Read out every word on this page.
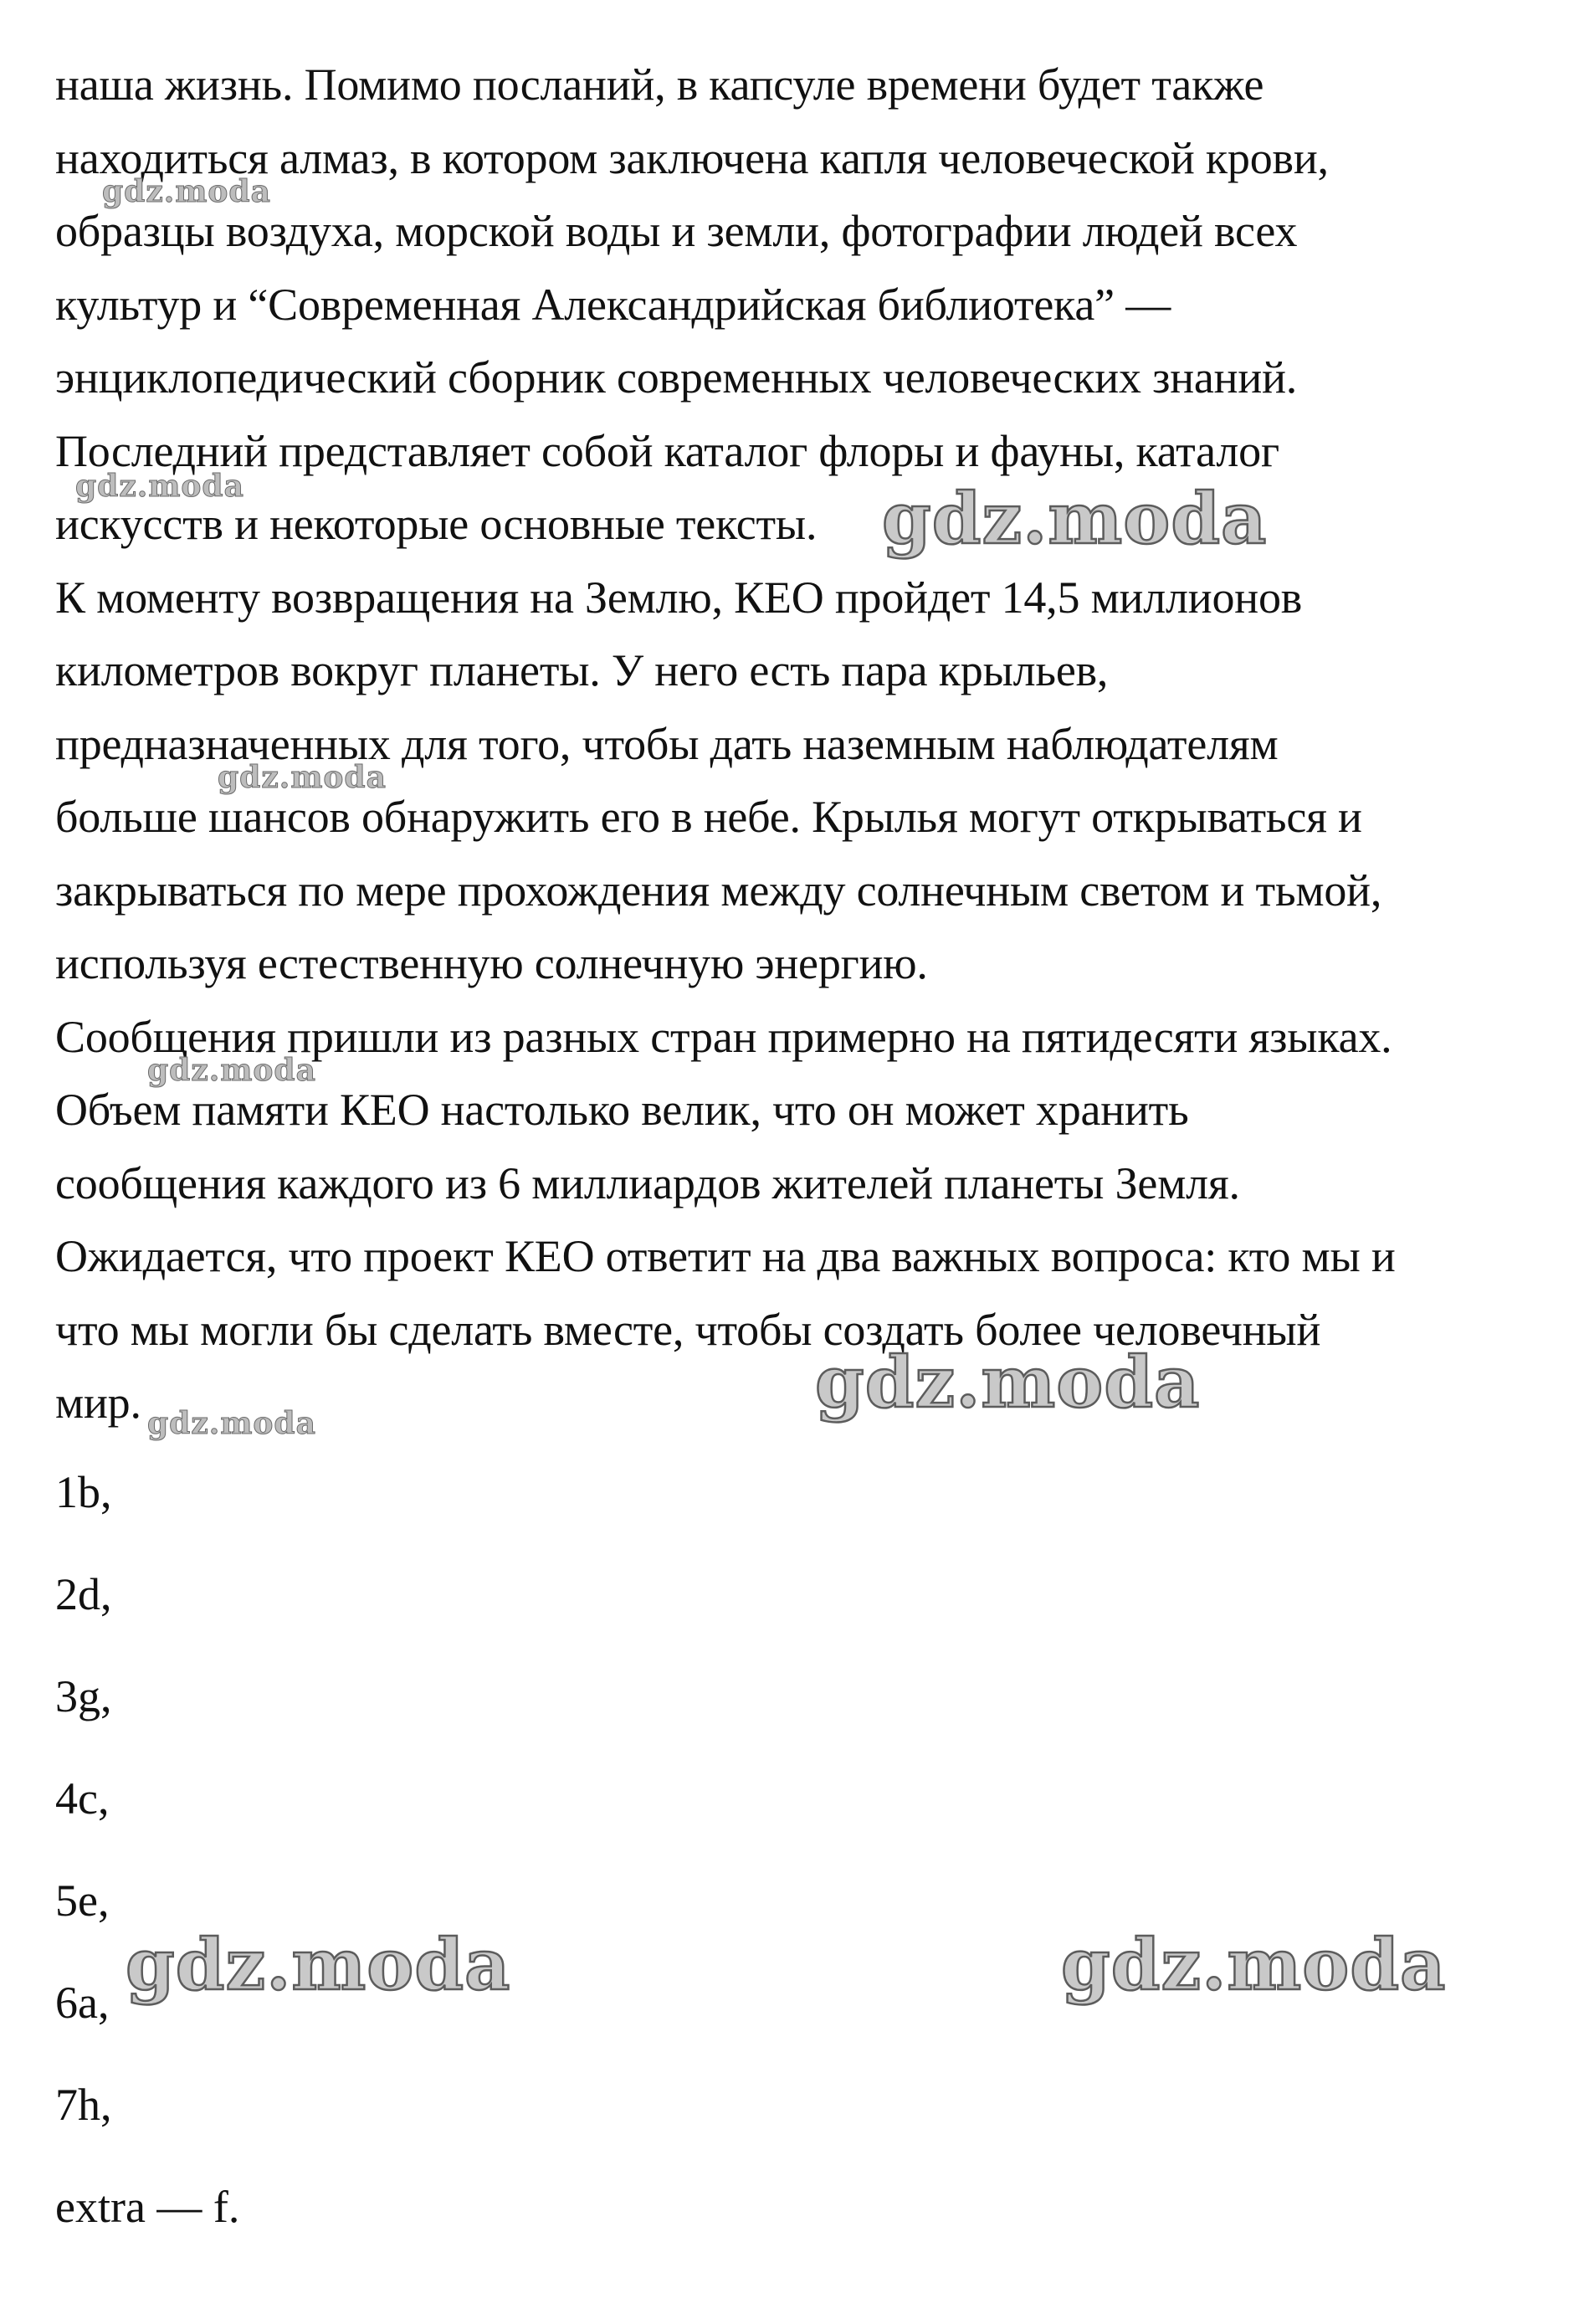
наша жизнь. Помимо посланий, в капсуле времени будет также

находиться алмаз, в котором заключена капля человеческой крови,

образцы воздуха, морской воды и земли, фотографии людей всех

культур и “Современная Александрийская библиотека” —

энциклопедический сборник современных человеческих знаний.

Последний представляет собой каталог флоры и фауны, каталог

искусств и некоторые основные тексты.

К моменту возвращения на Землю, КЕО пройдет 14,5 миллионов

километров вокруг планеты. У него есть пара крыльев,

предназначенных для того, чтобы дать наземным наблюдателям

больше шансов обнаружить его в небе. Крылья могут открываться и

закрываться по мере прохождения между солнечным светом и тьмой,

используя естественную солнечную энергию.

Сообщения пришли из разных стран примерно на пятидесяти языках.

Объем памяти КЕО настолько велик, что он может хранить

сообщения каждого из 6 миллиардов жителей планеты Земля.

Ожидается, что проект КЕО ответит на два важных вопроса: кто мы и

что мы могли бы сделать вместе, чтобы создать более человечный

мир.

1b,

2d,

3g,

4c,

5e,

6a,

7h,

extra — f.

gdz.moda
gdz.moda	gdz.moda
gdz.moda
gdz.moda
gdz.moda	gdz.moda
gdz.moda	gdz.moda
